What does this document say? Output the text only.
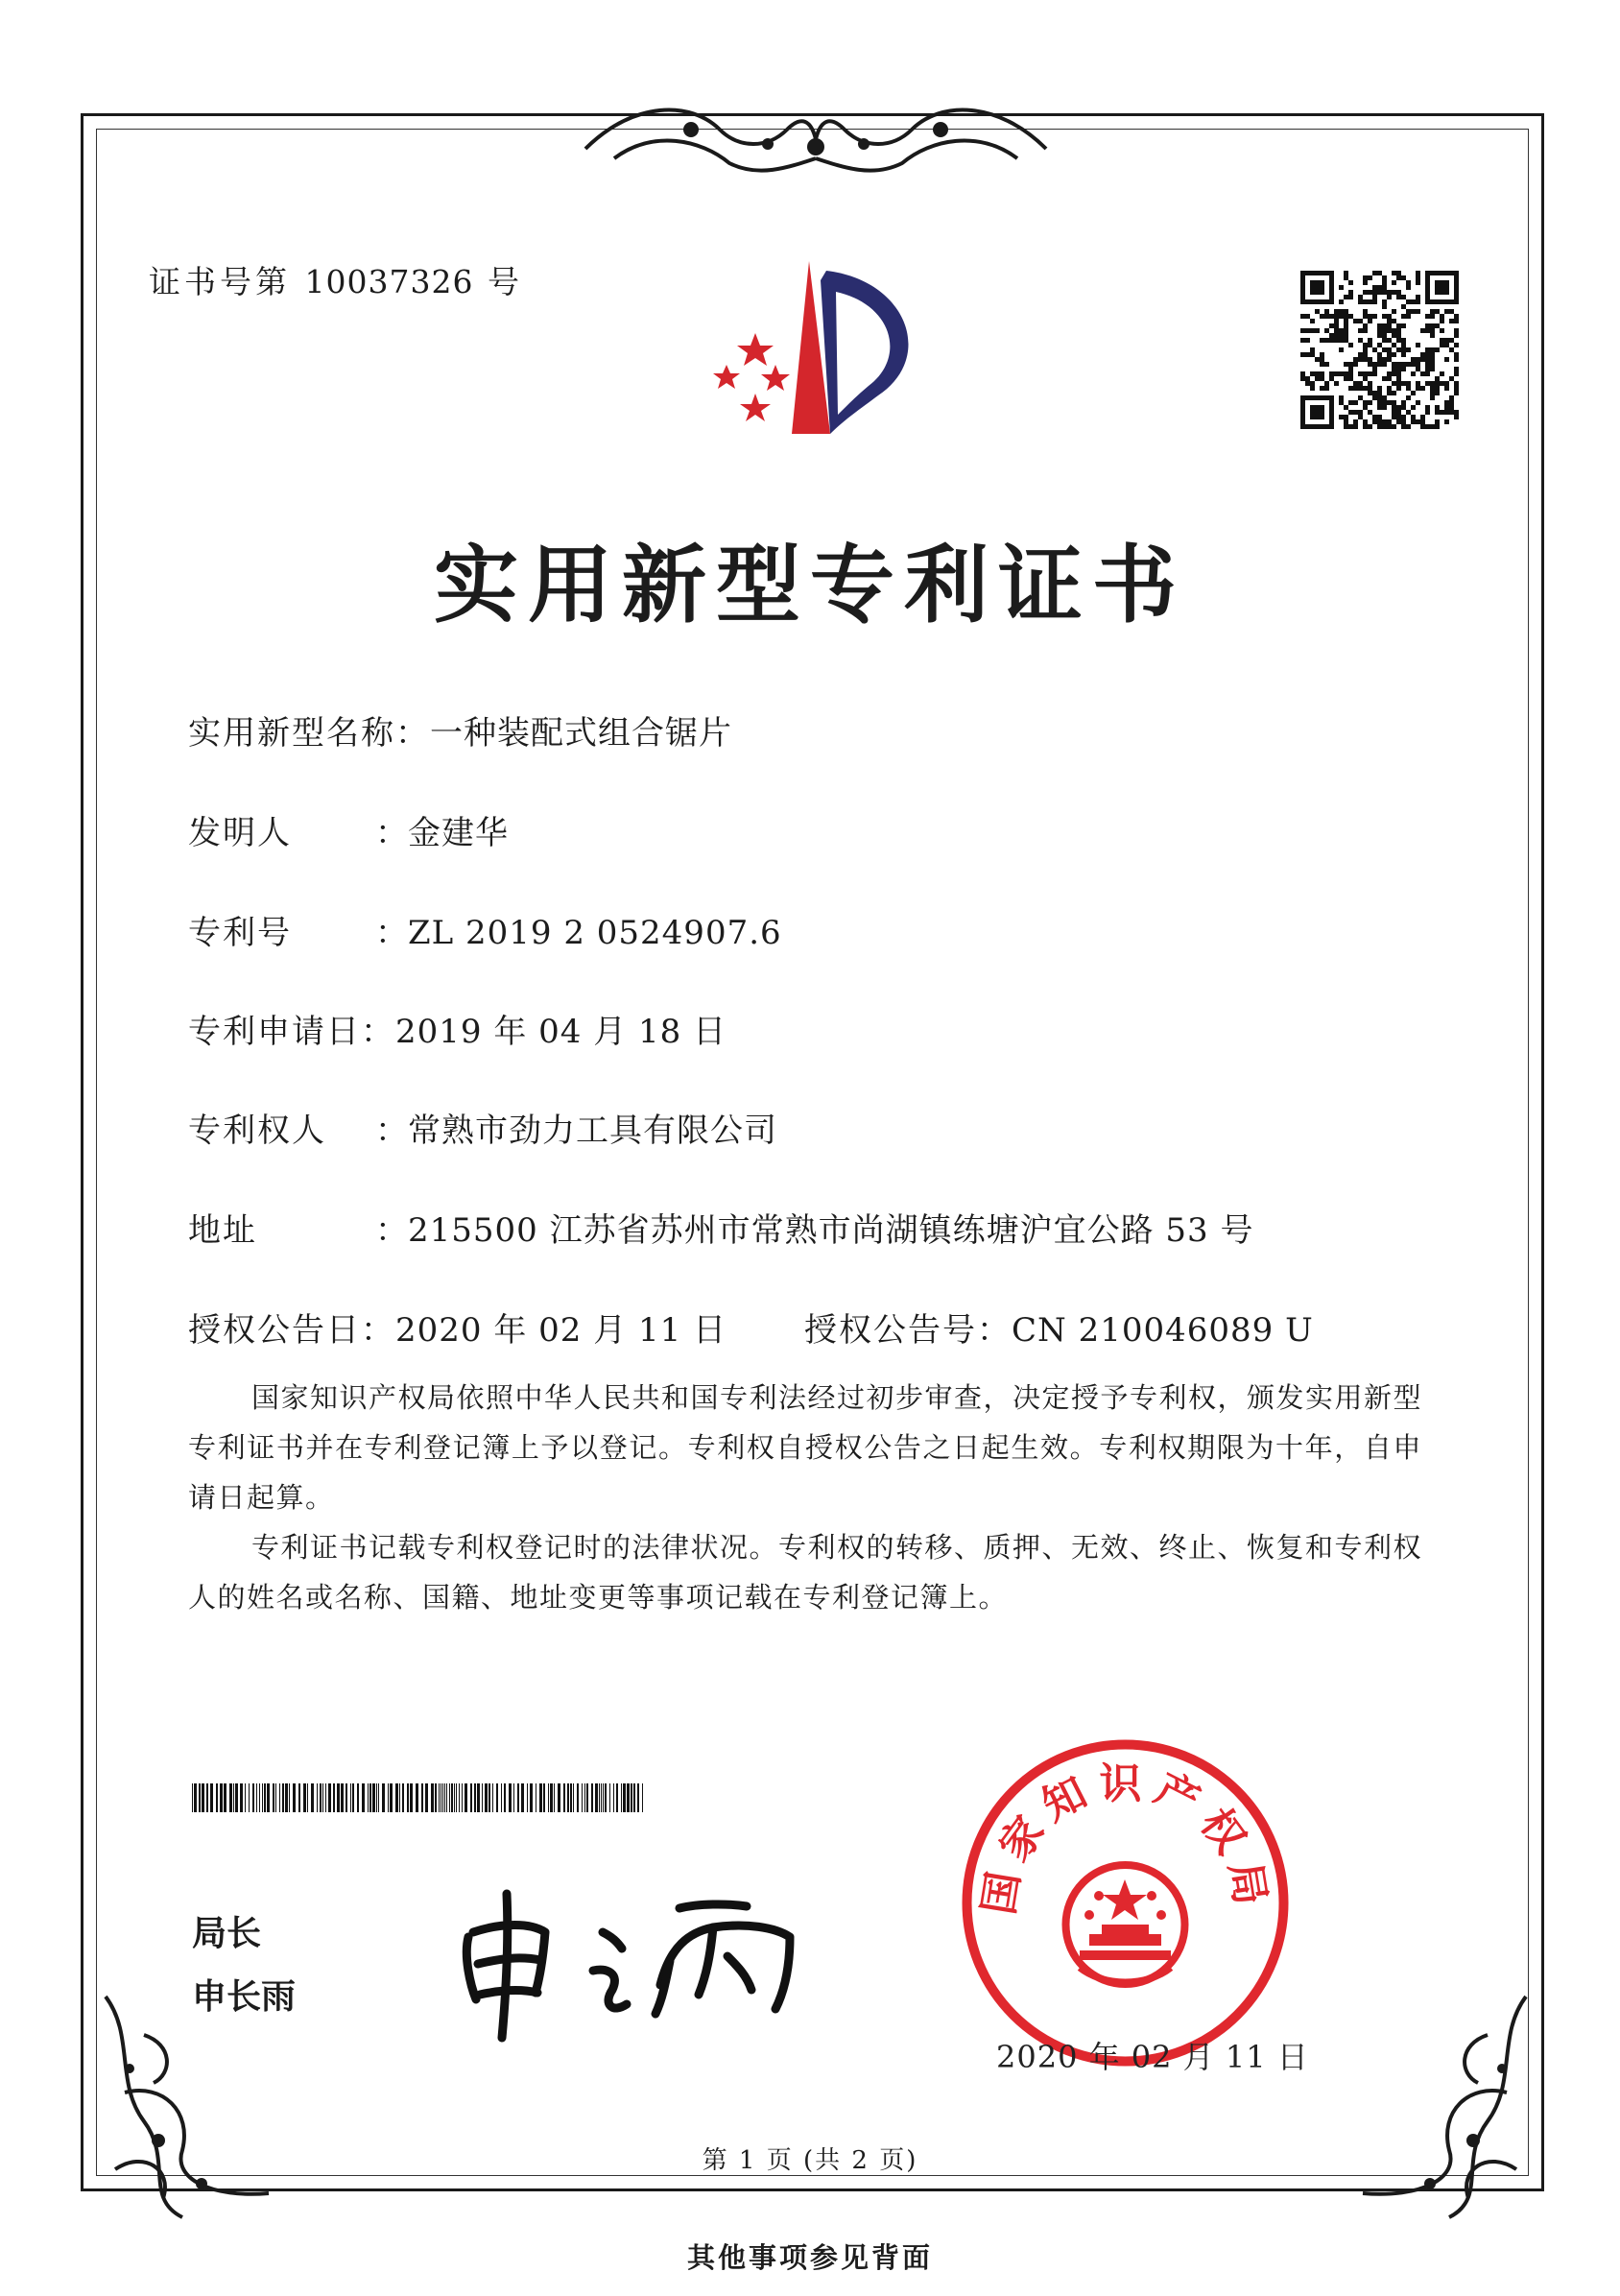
证书号第 10037326 号
实用新型专利证书
实用新型名称：一种装配式组合锯片
发明人	：金建华
专利号	：ZL 2019 2 0524907.6
专利申请日：2019 年 04 月 18 日
专利权人 ：常熟市劲力工具有限公司
地址	：215500 江苏省苏州市常熟市尚湖镇练塘沪宜公路 53 号
授权公告日：2020 年 02 月 11 日 授权公告号：CN 210046089 U
国家知识产权局依照中华人民共和国专利法经过初步审查，决定授予专利权，颁发实用新型专利证书并在专利登记簿上予以登记。专利权自授权公告之日起生效。专利权期限为十年，自申请日起算。
专利证书记载专利权登记时的法律状况。专利权的转移、质押、无效、终止、恢复和专利权人的姓名或名称、国籍、地址变更等事项记载在专利登记簿上。
局长
申长雨
国家知识产权局
2020 年 02 月 11 日
第 1 页 (共 2 页)
其他事项参见背面
